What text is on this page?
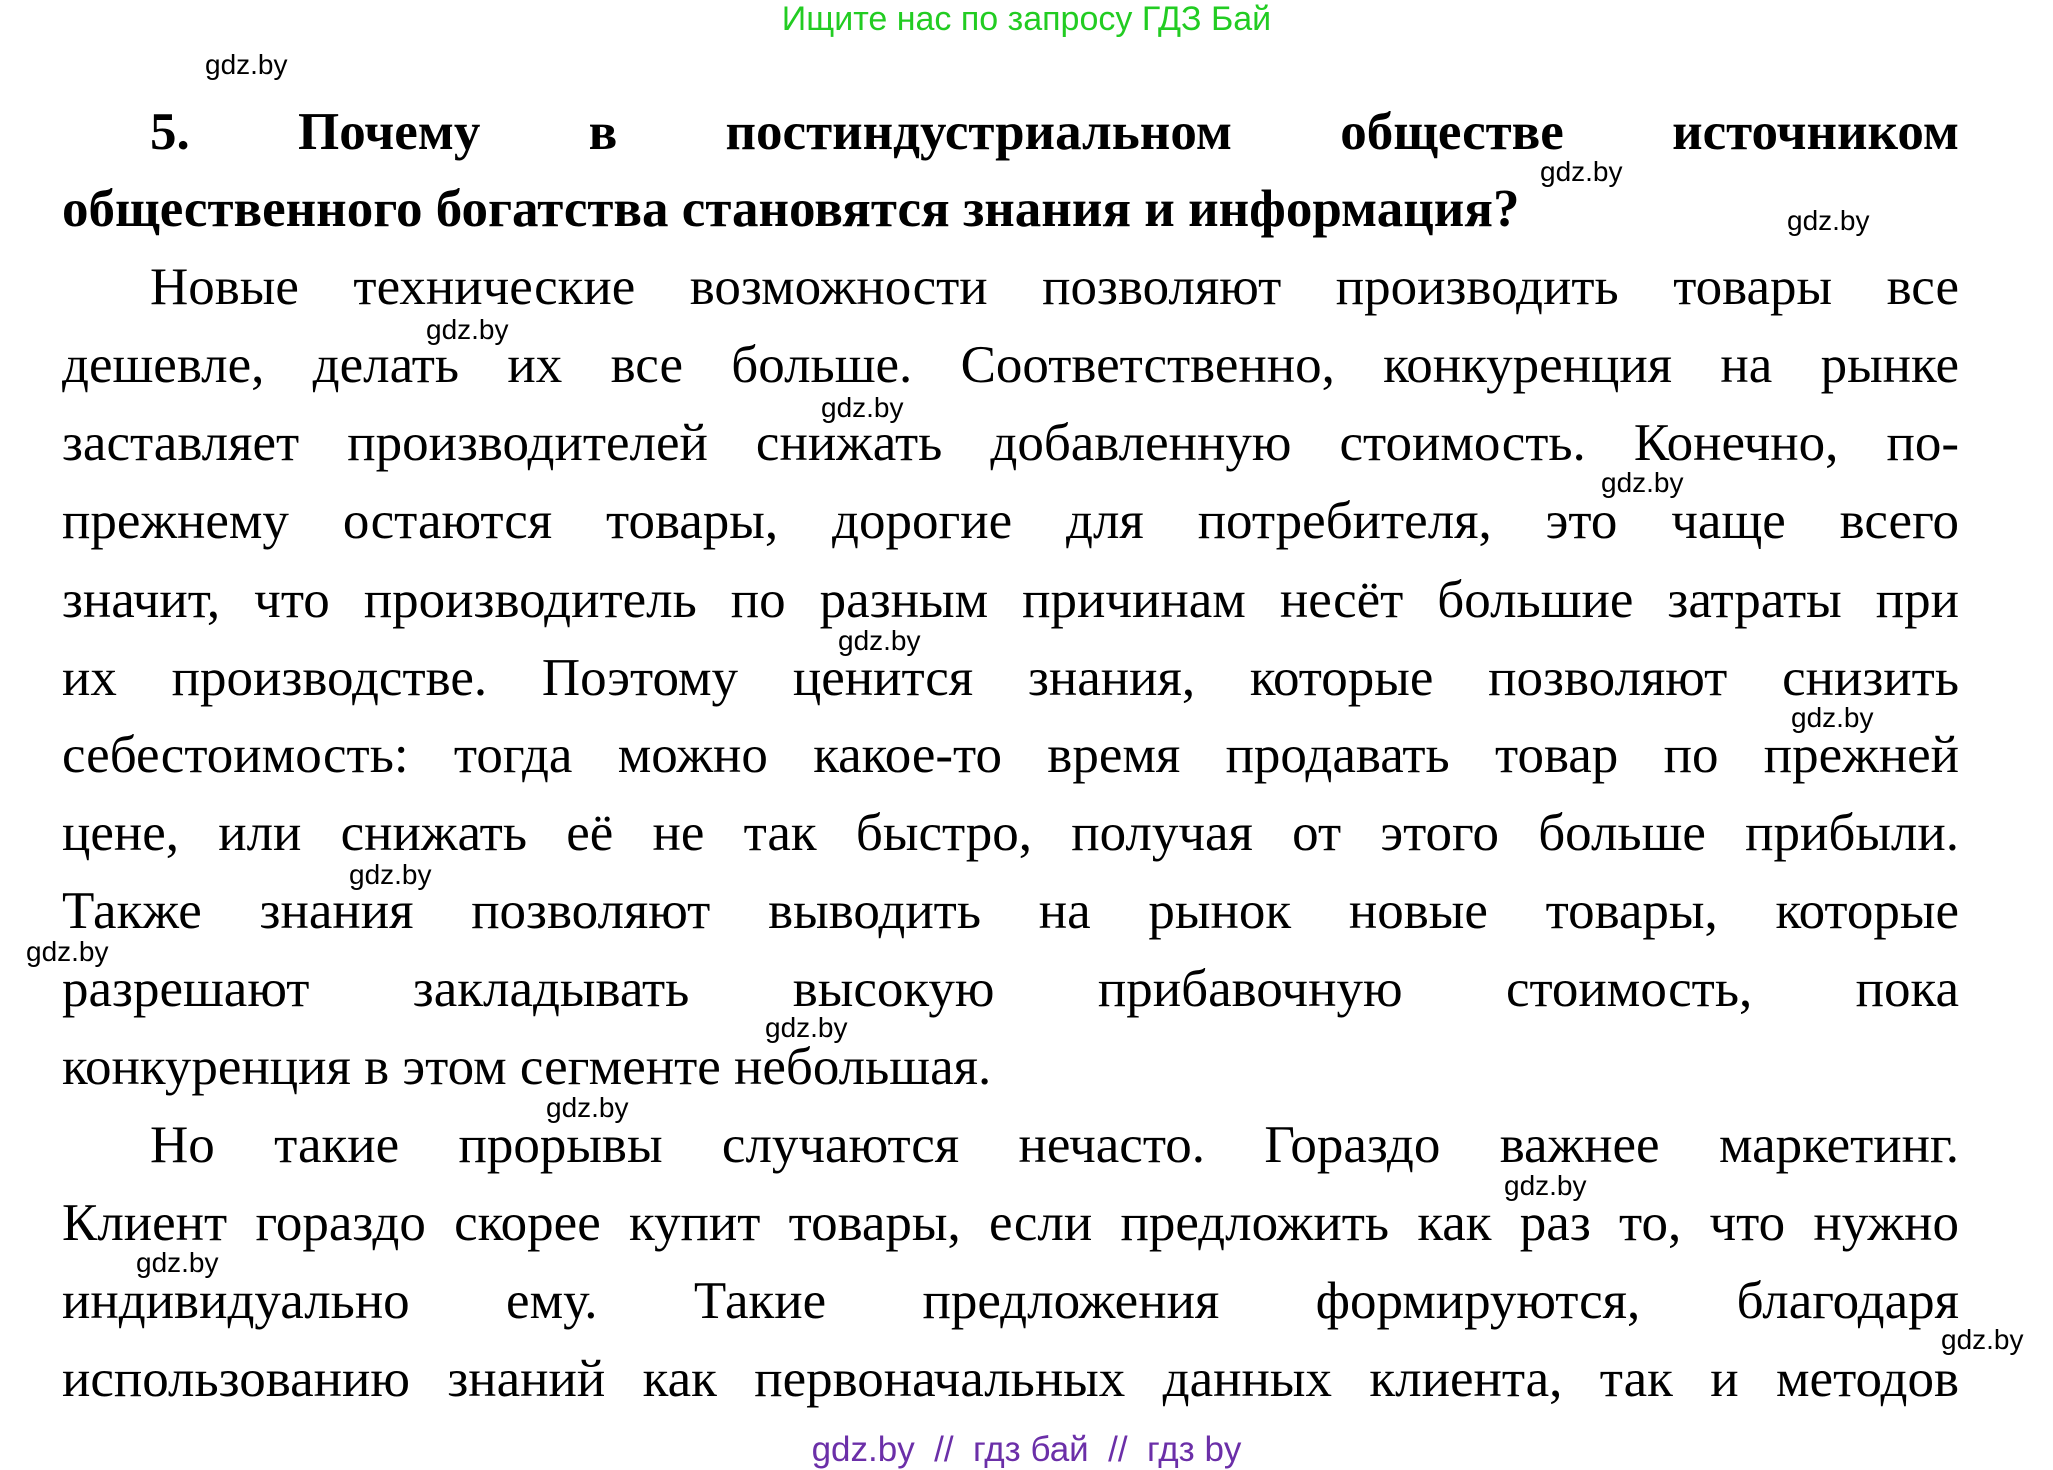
Ищите нас по запросу ГДЗ Бай
5. Почему в постиндустриальном обществе источником
общественного богатства становятся знания и информация?
Новые технические возможности позволяют производить товары все
дешевле, делать их все больше. Соответственно, конкуренция на рынке
заставляет производителей снижать добавленную стоимость. Конечно, по-
прежнему остаются товары, дорогие для потребителя, это чаще всего
значит, что производитель по разным причинам несёт большие затраты при
их производстве. Поэтому ценится знания, которые позволяют снизить
себестоимость: тогда можно какое-то время продавать товар по прежней
цене, или снижать её не так быстро, получая от этого больше прибыли.
Также знания позволяют выводить на рынок новые товары, которые
разрешают закладывать высокую прибавочную стоимость, пока
конкуренция в этом сегменте небольшая.
Но такие прорывы случаются нечасто. Гораздо важнее маркетинг.
Клиент гораздо скорее купит товары, если предложить как раз то, что нужно
индивидуально ему. Такие предложения формируются, благодаря
использованию знаний как первоначальных данных клиента, так и методов
gdz.by
gdz.by
gdz.by
gdz.by
gdz.by
gdz.by
gdz.by
gdz.by
gdz.by
gdz.by
gdz.by
gdz.by
gdz.by
gdz.by
gdz.by
gdz.by  //  гдз бай  //  гдз by
